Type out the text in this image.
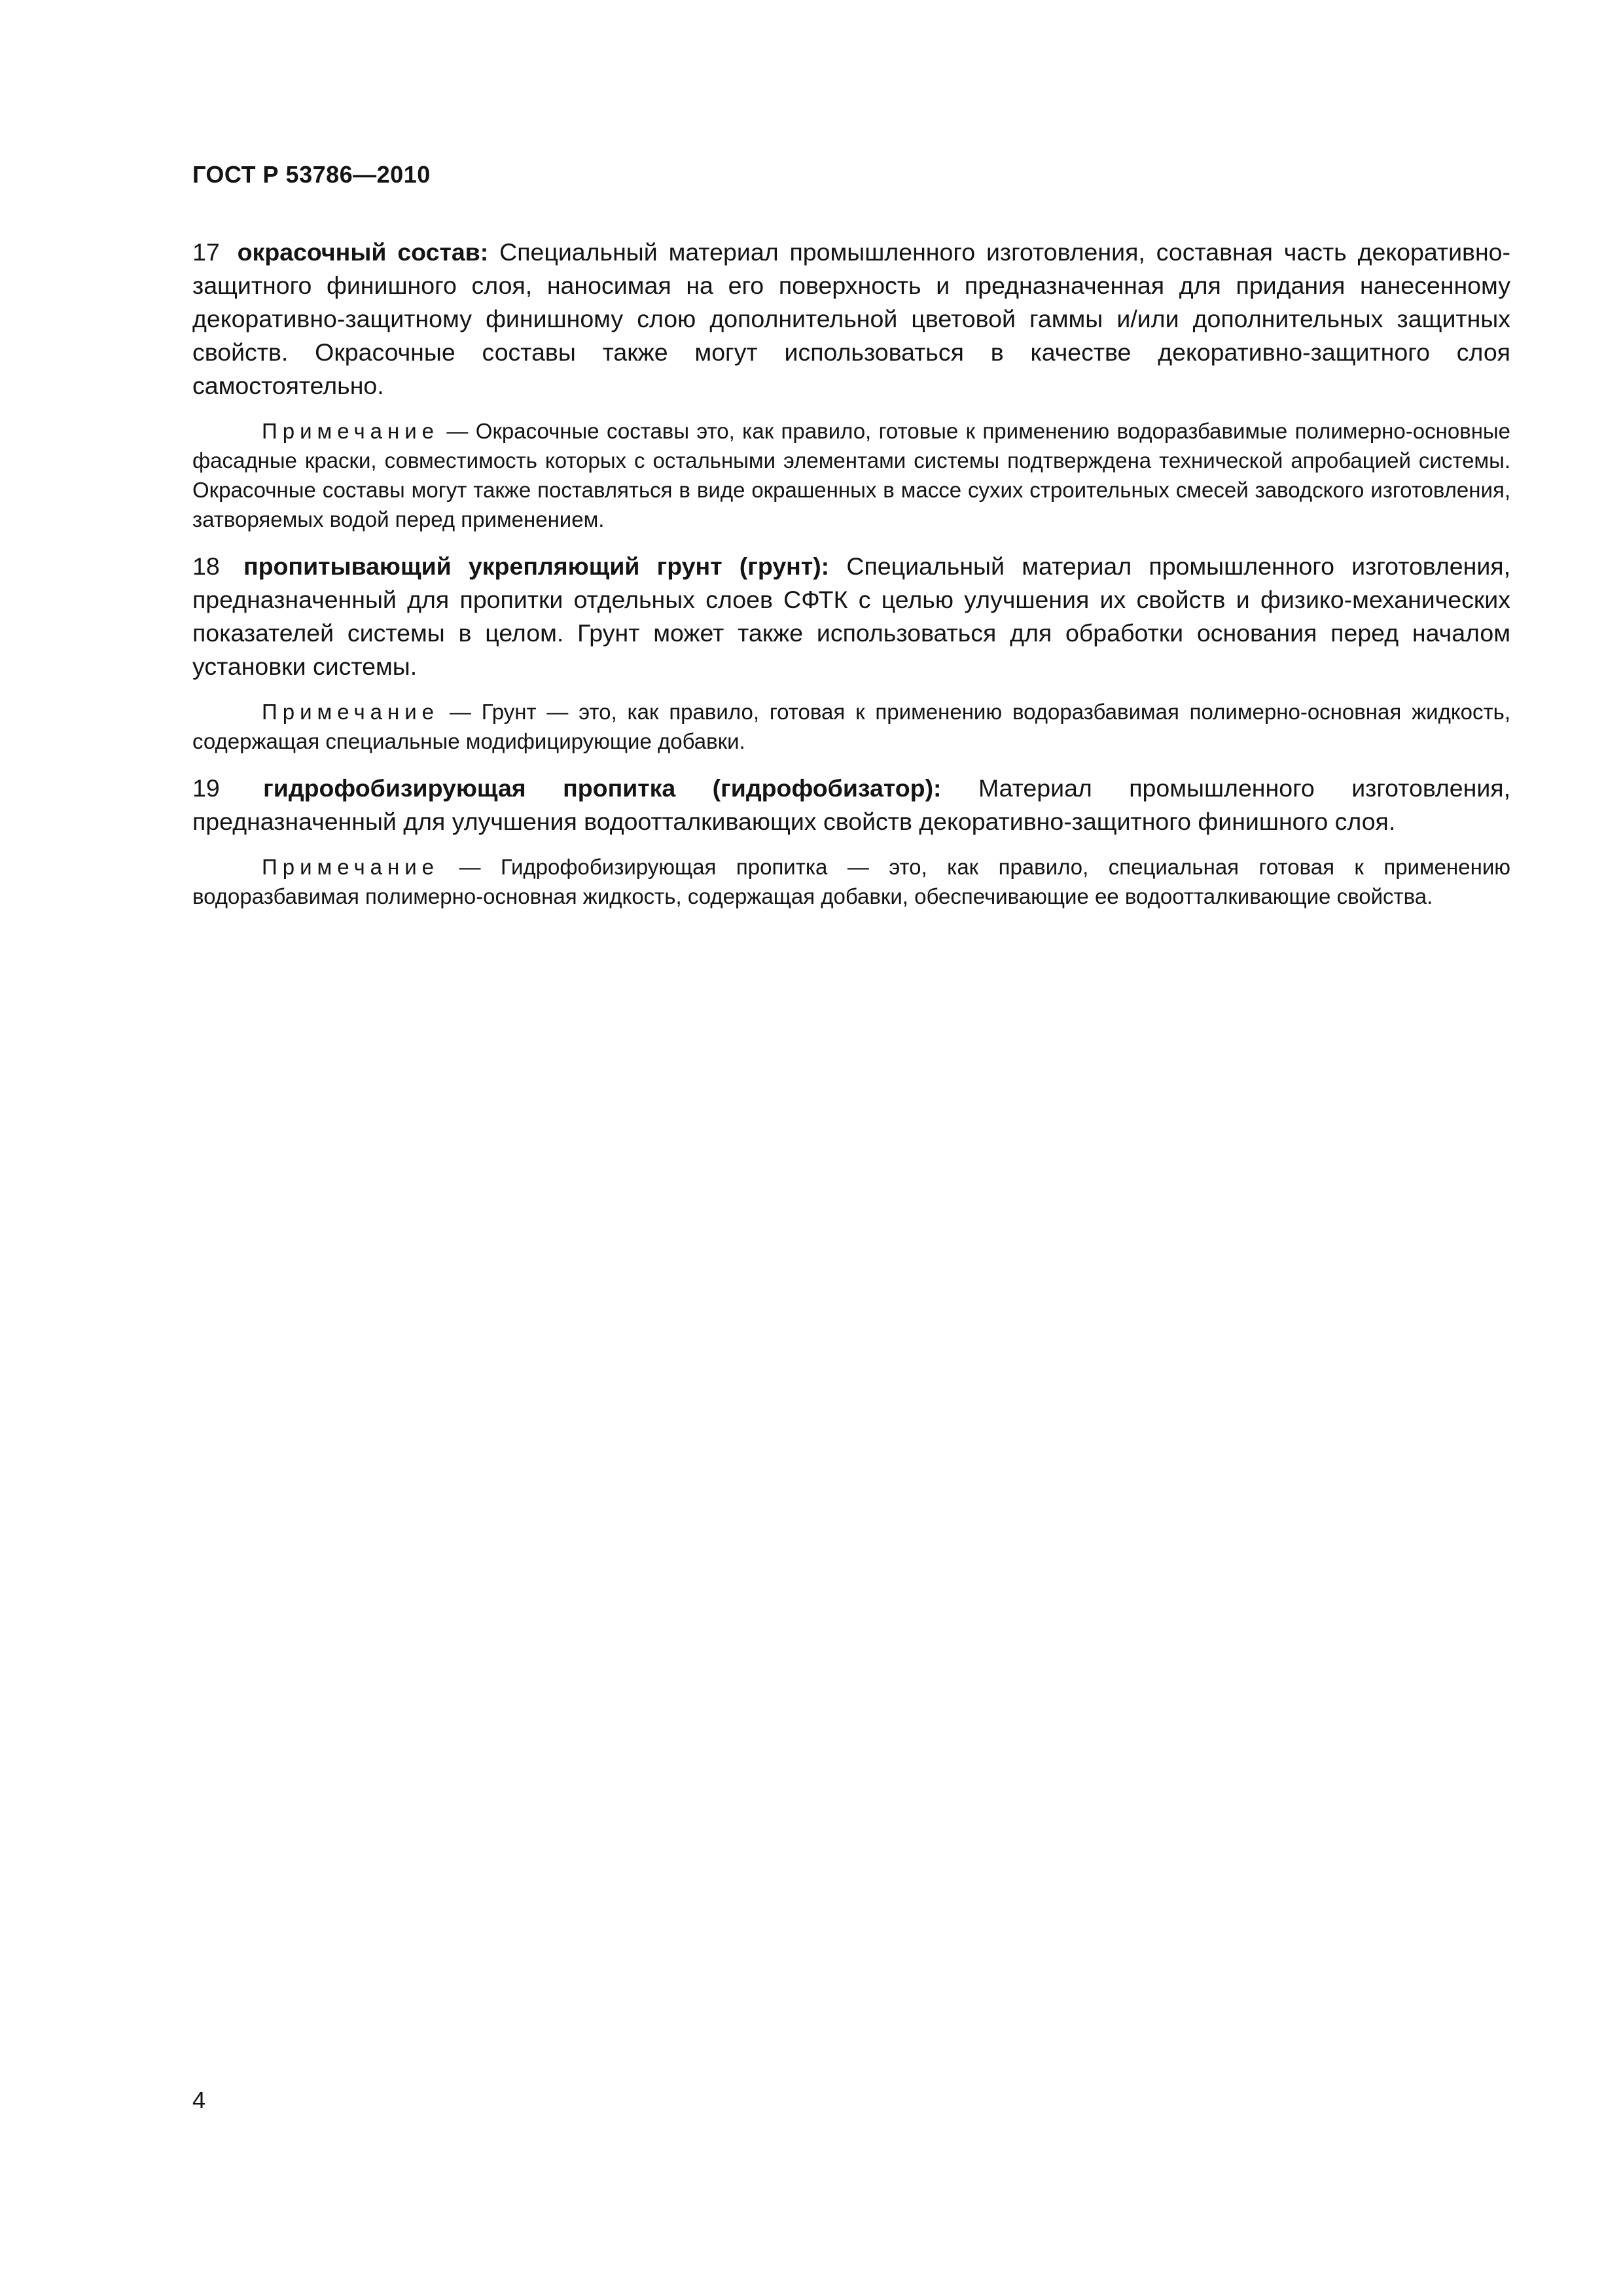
ГОСТ Р 53786—2010

17 окрасочный состав: Специальный материал промышленного изготовления, составная часть декоративно-защитного финишного слоя, наносимая на его поверхность и предназначенная для придания нанесенному декоративно-защитному финишному слою дополнительной цветовой гаммы и/или дополнительных защитных свойств. Окрасочные составы также могут использоваться в качестве декоративно-защитного слоя самостоятельно.

Примечание — Окрасочные составы это, как правило, готовые к применению водоразбавимые полимерно-основные фасадные краски, совместимость которых с остальными элементами системы подтверждена технической апробацией системы. Окрасочные составы могут также поставляться в виде окрашенных в массе сухих строительных смесей заводского изготовления, затворяемых водой перед применением.

18 пропитывающий укрепляющий грунт (грунт): Специальный материал промышленного изготовления, предназначенный для пропитки отдельных слоев СФТК с целью улучшения их свойств и физико-механических показателей системы в целом. Грунт может также использоваться для обработки основания перед началом установки системы.

Примечание — Грунт — это, как правило, готовая к применению водоразбавимая полимерно-основная жидкость, содержащая специальные модифицирующие добавки.

19 гидрофобизирующая пропитка (гидрофобизатор): Материал промышленного изготовления, предназначенный для улучшения водоотталкивающих свойств декоративно-защитного финишного слоя.

Примечание — Гидрофобизирующая пропитка — это, как правило, специальная готовая к применению водоразбавимая полимерно-основная жидкость, содержащая добавки, обеспечивающие ее водоотталкивающие свойства.

4
